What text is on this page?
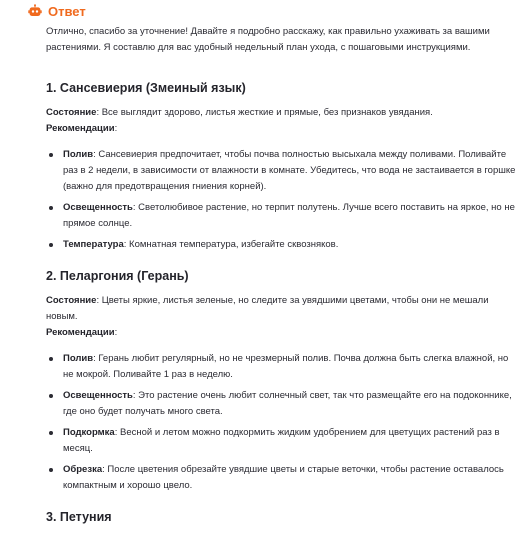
Ответ

Отлично, спасибо за уточнение! Давайте я подробно расскажу, как правильно ухаживать за вашими растениями. Я составлю для вас удобный недельный план ухода, с пошаговыми инструкциями.

1. Сансевиерия (Змеиный язык)

Состояние: Все выглядит здорово, листья жесткие и прямые, без признаков увядания.

Рекомендации:

Полив: Сансевиерия предпочитает, чтобы почва полностью высыхала между поливами. Поливайте раз в 2 недели, в зависимости от влажности в комнате. Убедитесь, что вода не застаивается в горшке (важно для предотвращения гниения корней).
Освещенность: Светолюбивое растение, но терпит полутень. Лучше всего поставить на яркое, но не прямое солнце.
Температура: Комнатная температура, избегайте сквозняков.
2. Пеларгония (Герань)

Состояние: Цветы яркие, листья зеленые, но следите за увядшими цветами, чтобы они не мешали новым.

Рекомендации:

Полив: Герань любит регулярный, но не чрезмерный полив. Почва должна быть слегка влажной, но не мокрой. Поливайте 1 раз в неделю.
Освещенность: Это растение очень любит солнечный свет, так что размещайте его на подоконнике, где оно будет получать много света.
Подкормка: Весной и летом можно подкормить жидким удобрением для цветущих растений раз в месяц.
Обрезка: После цветения обрезайте увядшие цветы и старые веточки, чтобы растение оставалось компактным и хорошо цвело.
3. Петуния
